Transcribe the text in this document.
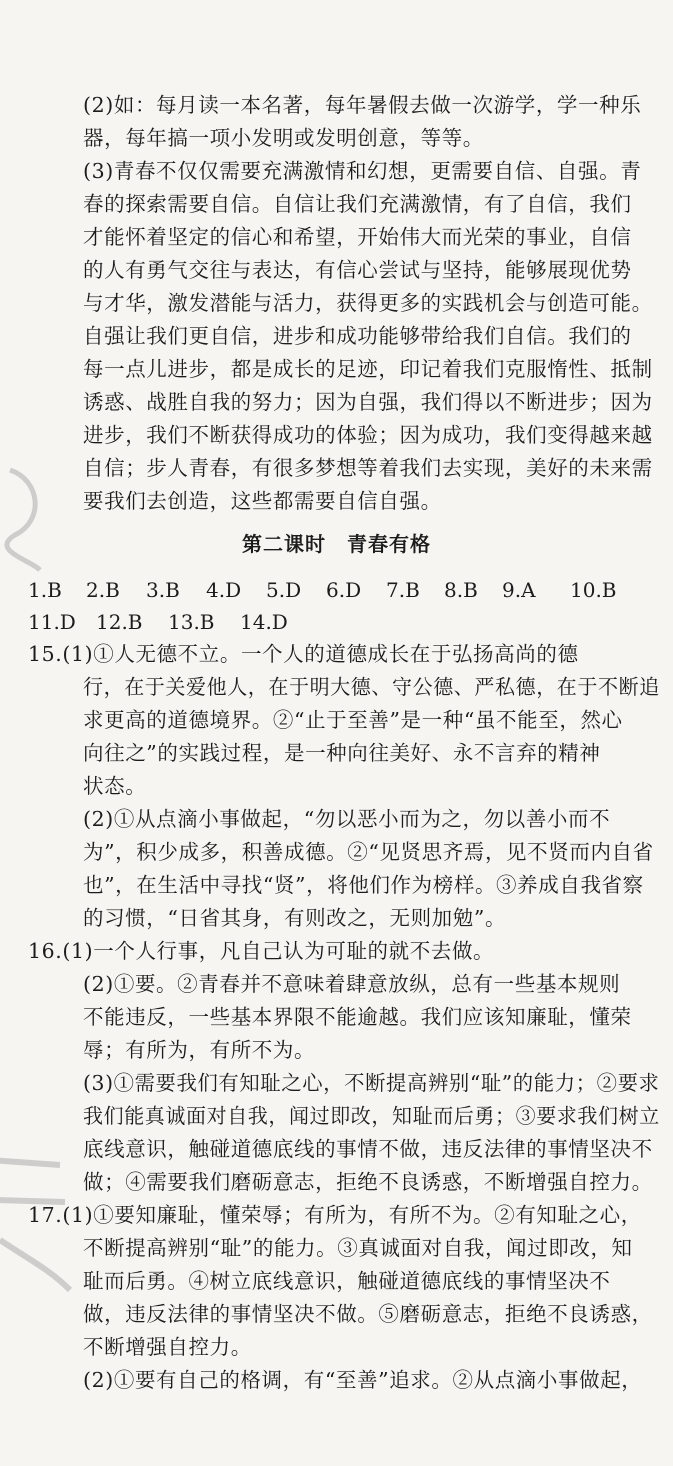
(2)如：每月读一本名著，每年暑假去做一次游学，学一种乐
器，每年搞一项小发明或发明创意，等等。
(3)青春不仅仅需要充满激情和幻想，更需要自信、自强。青
春的探索需要自信。自信让我们充满激情，有了自信，我们
才能怀着坚定的信心和希望，开始伟大而光荣的事业，自信
的人有勇气交往与表达，有信心尝试与坚持，能够展现优势
与才华，激发潜能与活力，获得更多的实践机会与创造可能。
自强让我们更自信，进步和成功能够带给我们自信。我们的
每一点儿进步，都是成长的足迹，印记着我们克服惰性、抵制
诱惑、战胜自我的努力；因为自强，我们得以不断进步；因为
进步，我们不断获得成功的体验；因为成功，我们变得越来越
自信；步人青春，有很多梦想等着我们去实现，美好的未来需
要我们去创造，这些都需要自信自强。
第二课时　青春有格
1.B 2.B 3.B 4.D 5.D 6.D 7.B 8.B 9.A 10.B
11.D 12.B 13.B 14.D
15.(1)①人无德不立。一个人的道德成长在于弘扬高尚的德
行，在于关爱他人，在于明大德、守公德、严私德，在于不断追
求更高的道德境界。②“止于至善”是一种“虽不能至，然心
向往之”的实践过程，是一种向往美好、永不言弃的精神
状态。
(2)①从点滴小事做起，“勿以恶小而为之，勿以善小而不
为”，积少成多，积善成德。②“见贤思齐焉，见不贤而内自省
也”，在生活中寻找“贤”，将他们作为榜样。③养成自我省察
的习惯，“日省其身，有则改之，无则加勉”。
16.(1)一个人行事，凡自己认为可耻的就不去做。
(2)①要。②青春并不意味着肆意放纵，总有一些基本规则
不能违反，一些基本界限不能逾越。我们应该知廉耻，懂荣
辱；有所为，有所不为。
(3)①需要我们有知耻之心，不断提高辨别“耻”的能力；②要求
我们能真诚面对自我，闻过即改，知耻而后勇；③要求我们树立
底线意识，触碰道德底线的事情不做，违反法律的事情坚决不
做；④需要我们磨砺意志，拒绝不良诱惑，不断增强自控力。
17.(1)①要知廉耻，懂荣辱；有所为，有所不为。②有知耻之心，
不断提高辨别“耻”的能力。③真诚面对自我，闻过即改，知
耻而后勇。④树立底线意识，触碰道德底线的事情坚决不
做，违反法律的事情坚决不做。⑤磨砺意志，拒绝不良诱惑，
不断增强自控力。
(2)①要有自己的格调，有“至善”追求。②从点滴小事做起，
